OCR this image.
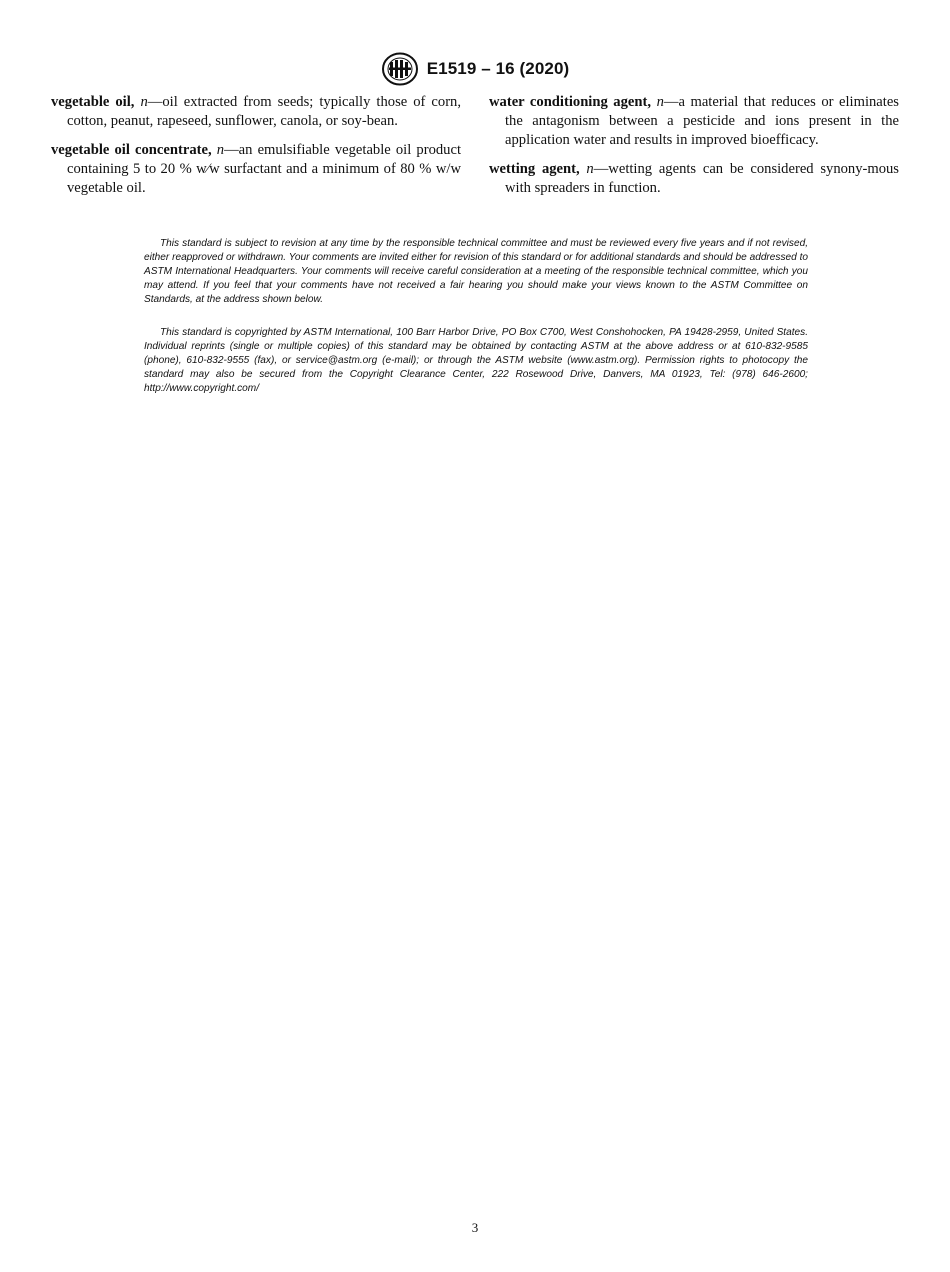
E1519 – 16 (2020)

vegetable oil, n—oil extracted from seeds; typically those of corn, cotton, peanut, rapeseed, sunflower, canola, or soy-bean.

vegetable oil concentrate, n—an emulsifiable vegetable oil product containing 5 to 20 % w⁄w surfactant and a minimum of 80 % w/w vegetable oil.

water conditioning agent, n—a material that reduces or eliminates the antagonism between a pesticide and ions present in the application water and results in improved bioefficacy.

wetting agent, n—wetting agents can be considered synony-mous with spreaders in function.

This standard is subject to revision at any time by the responsible technical committee and must be reviewed every five years and if not revised, either reapproved or withdrawn. Your comments are invited either for revision of this standard or for additional standards and should be addressed to ASTM International Headquarters. Your comments will receive careful consideration at a meeting of the responsible technical committee, which you may attend. If you feel that your comments have not received a fair hearing you should make your views known to the ASTM Committee on Standards, at the address shown below.

This standard is copyrighted by ASTM International, 100 Barr Harbor Drive, PO Box C700, West Conshohocken, PA 19428-2959, United States. Individual reprints (single or multiple copies) of this standard may be obtained by contacting ASTM at the above address or at 610-832-9585 (phone), 610-832-9555 (fax), or service@astm.org (e-mail); or through the ASTM website (www.astm.org). Permission rights to photocopy the standard may also be secured from the Copyright Clearance Center, 222 Rosewood Drive, Danvers, MA 01923, Tel: (978) 646-2600; http://www.copyright.com/

3
